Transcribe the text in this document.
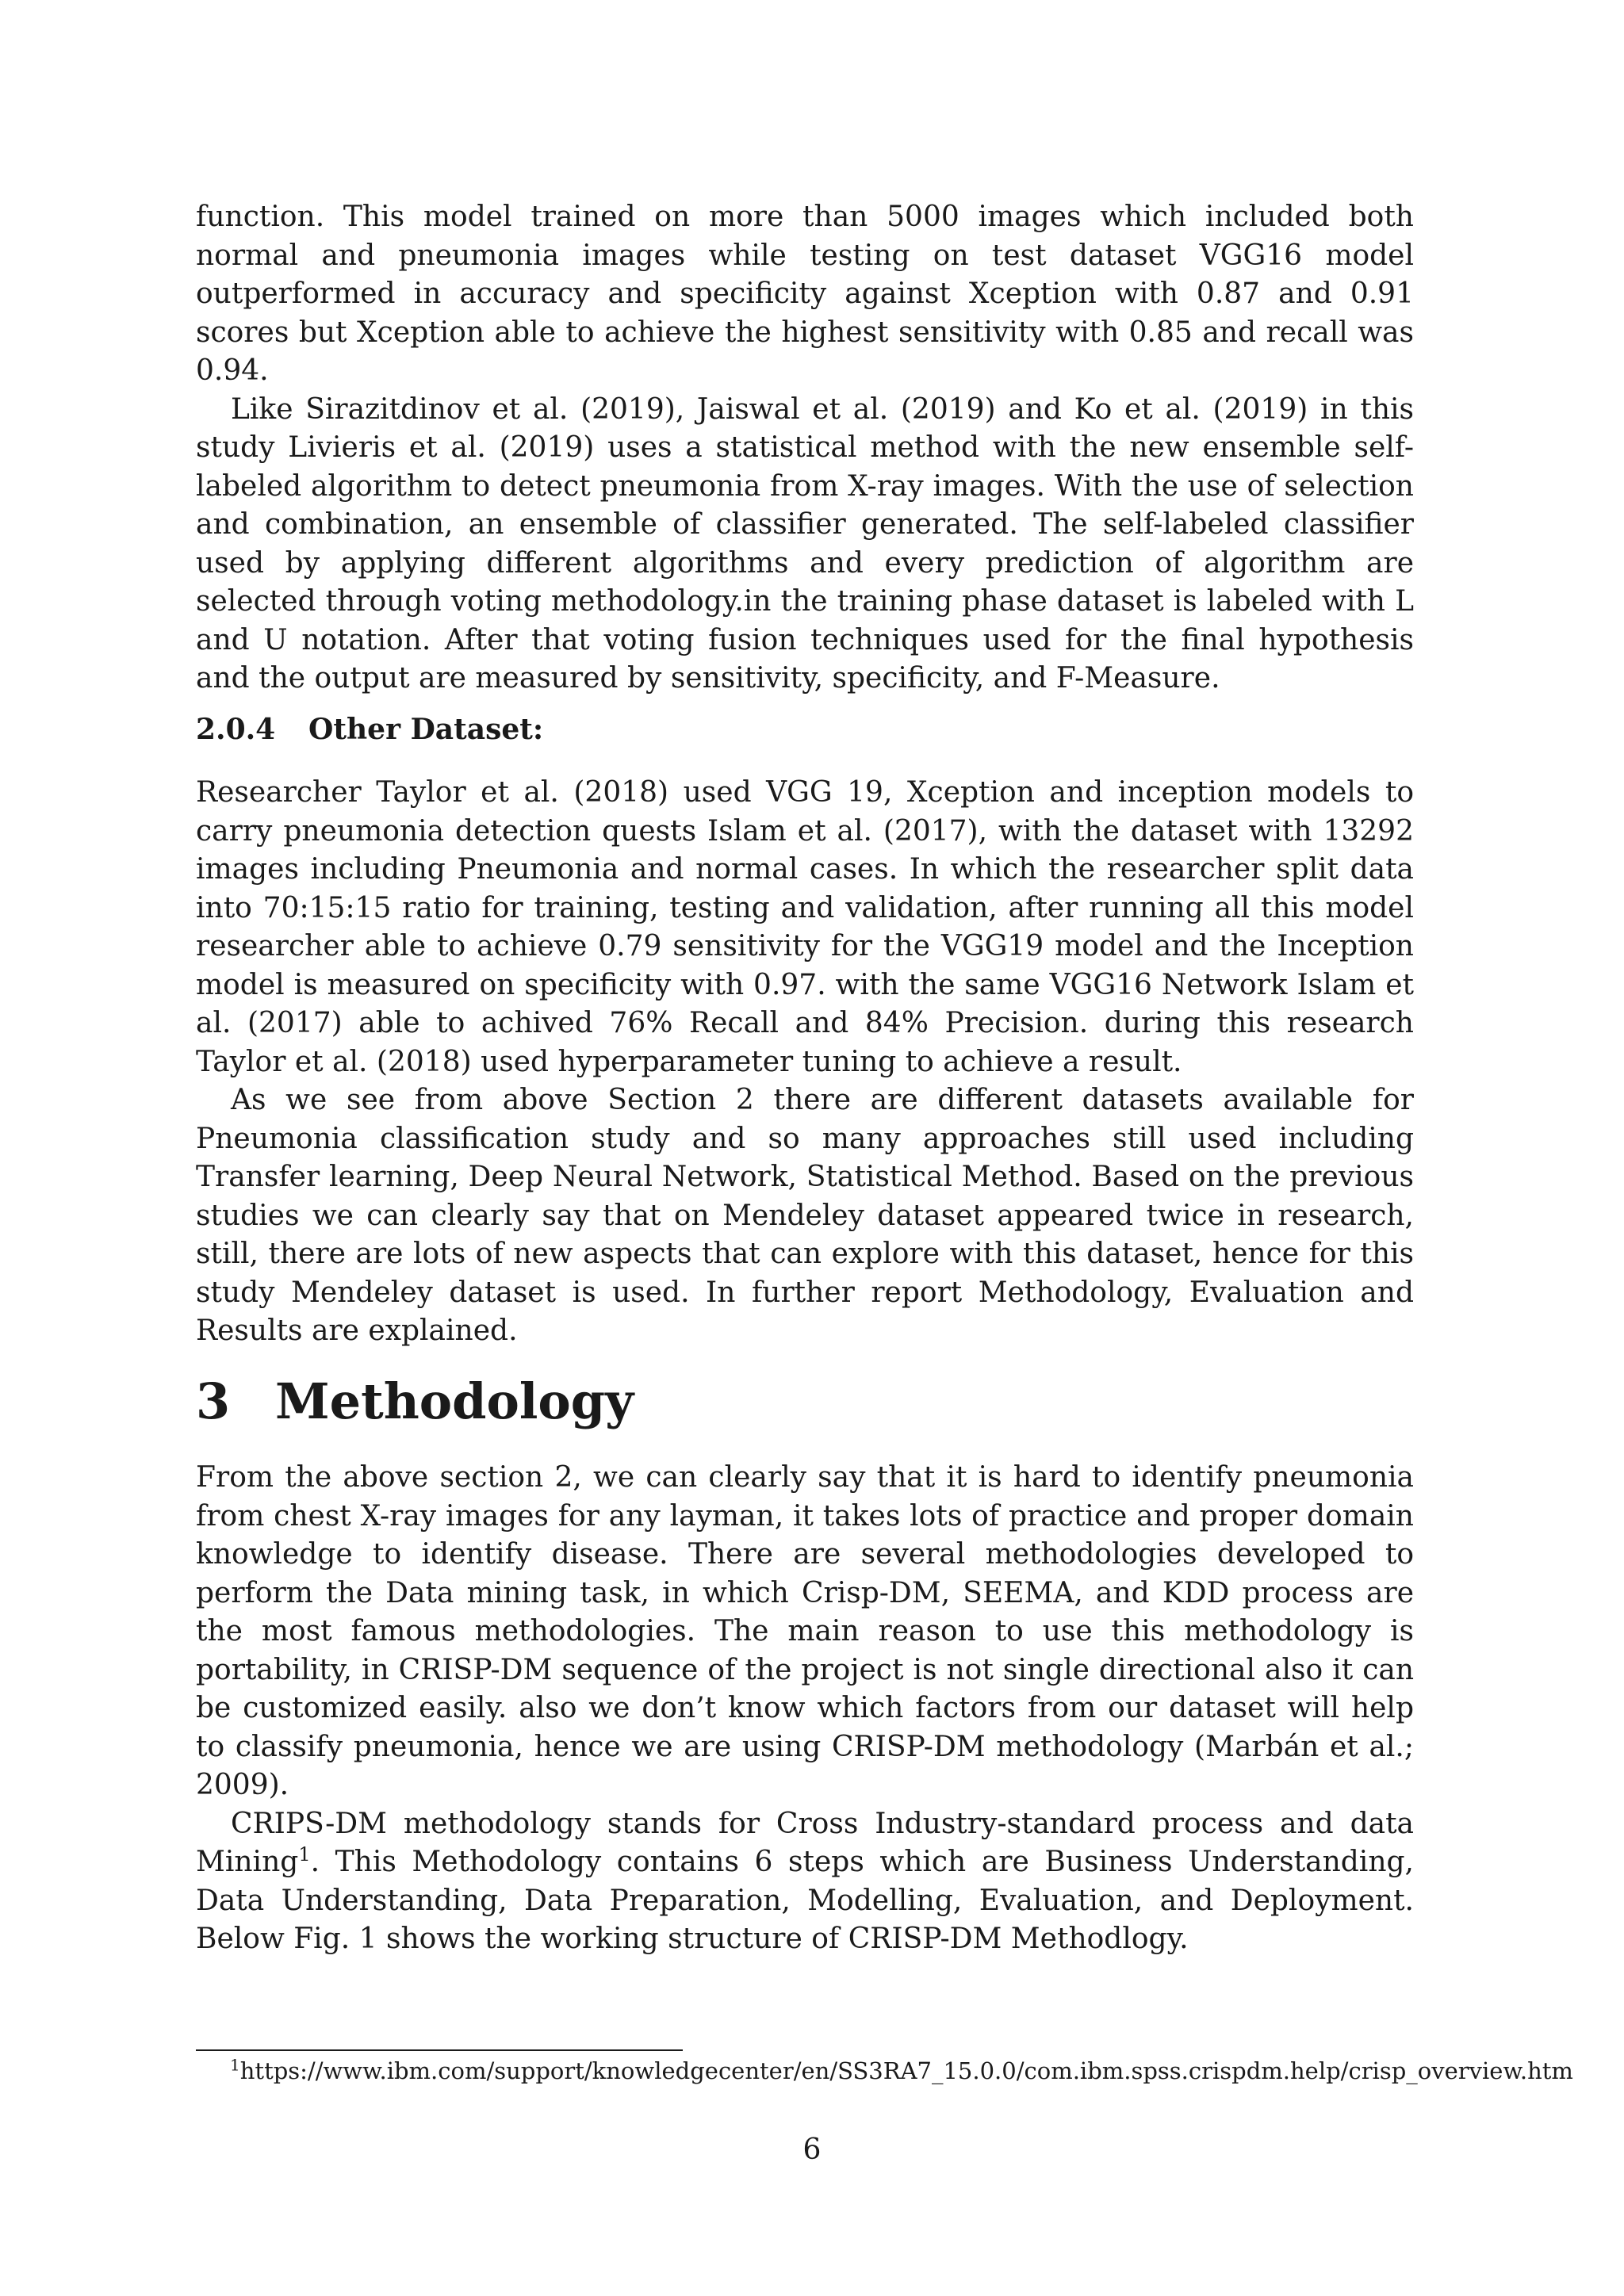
function. This model trained on more than 5000 images which included both normal and pneumonia images while testing on test dataset VGG16 model outperformed in accuracy and specificity against Xception with 0.87 and 0.91 scores but Xception able to achieve the highest sensitivity with 0.85 and recall was 0.94.

Like Sirazitdinov et al. (2019), Jaiswal et al. (2019) and Ko et al. (2019) in this study Livieris et al. (2019) uses a statistical method with the new ensemble self-labeled algorithm to detect pneumonia from X-ray images. With the use of selection and combination, an ensemble of classifier generated. The self-labeled classifier used by applying different algorithms and every prediction of algorithm are selected through voting methodology.in the training phase dataset is labeled with L and U notation. After that voting fusion techniques used for the final hypothesis and the output are measured by sensitivity, specificity, and F-Measure.

2.0.4 Other Dataset:

Researcher Taylor et al. (2018) used VGG 19, Xception and inception models to carry pneumonia detection quests Islam et al. (2017), with the dataset with 13292 images including Pneumonia and normal cases. In which the researcher split data into 70:15:15 ratio for training, testing and validation, after running all this model researcher able to achieve 0.79 sensitivity for the VGG19 model and the Inception model is measured on specificity with 0.97. with the same VGG16 Network Islam et al. (2017) able to achived 76% Recall and 84% Precision. during this research Taylor et al. (2018) used hyperparameter tuning to achieve a result.

As we see from above Section 2 there are different datasets available for Pneumonia classification study and so many approaches still used including Transfer learning, Deep Neural Network, Statistical Method. Based on the previous studies we can clearly say that on Mendeley dataset appeared twice in research, still, there are lots of new aspects that can explore with this dataset, hence for this study Mendeley dataset is used. In further report Methodology, Evaluation and Results are explained.

3 Methodology

From the above section 2, we can clearly say that it is hard to identify pneumonia from chest X-ray images for any layman, it takes lots of practice and proper domain knowledge to identify disease. There are several methodologies developed to perform the Data mining task, in which Crisp-DM, SEEMA, and KDD process are the most famous methodologies. The main reason to use this methodology is portability, in CRISP-DM sequence of the project is not single directional also it can be customized easily. also we don’t know which factors from our dataset will help to classify pneumonia, hence we are using CRISP-DM methodology (Marbán et al.; 2009).

CRIPS-DM methodology stands for Cross Industry-standard process and data Mining$^1$. This Methodology contains 6 steps which are Business Understanding, Data Understanding, Data Preparation, Modelling, Evaluation, and Deployment. Below Fig. 1 shows the working structure of CRISP-DM Methodlogy.

$^1$https://www.ibm.com/support/knowledgecenter/en/SS3RA7_15.0.0/com.ibm.spss.crispdm.help/crisp_overview.htm

6
